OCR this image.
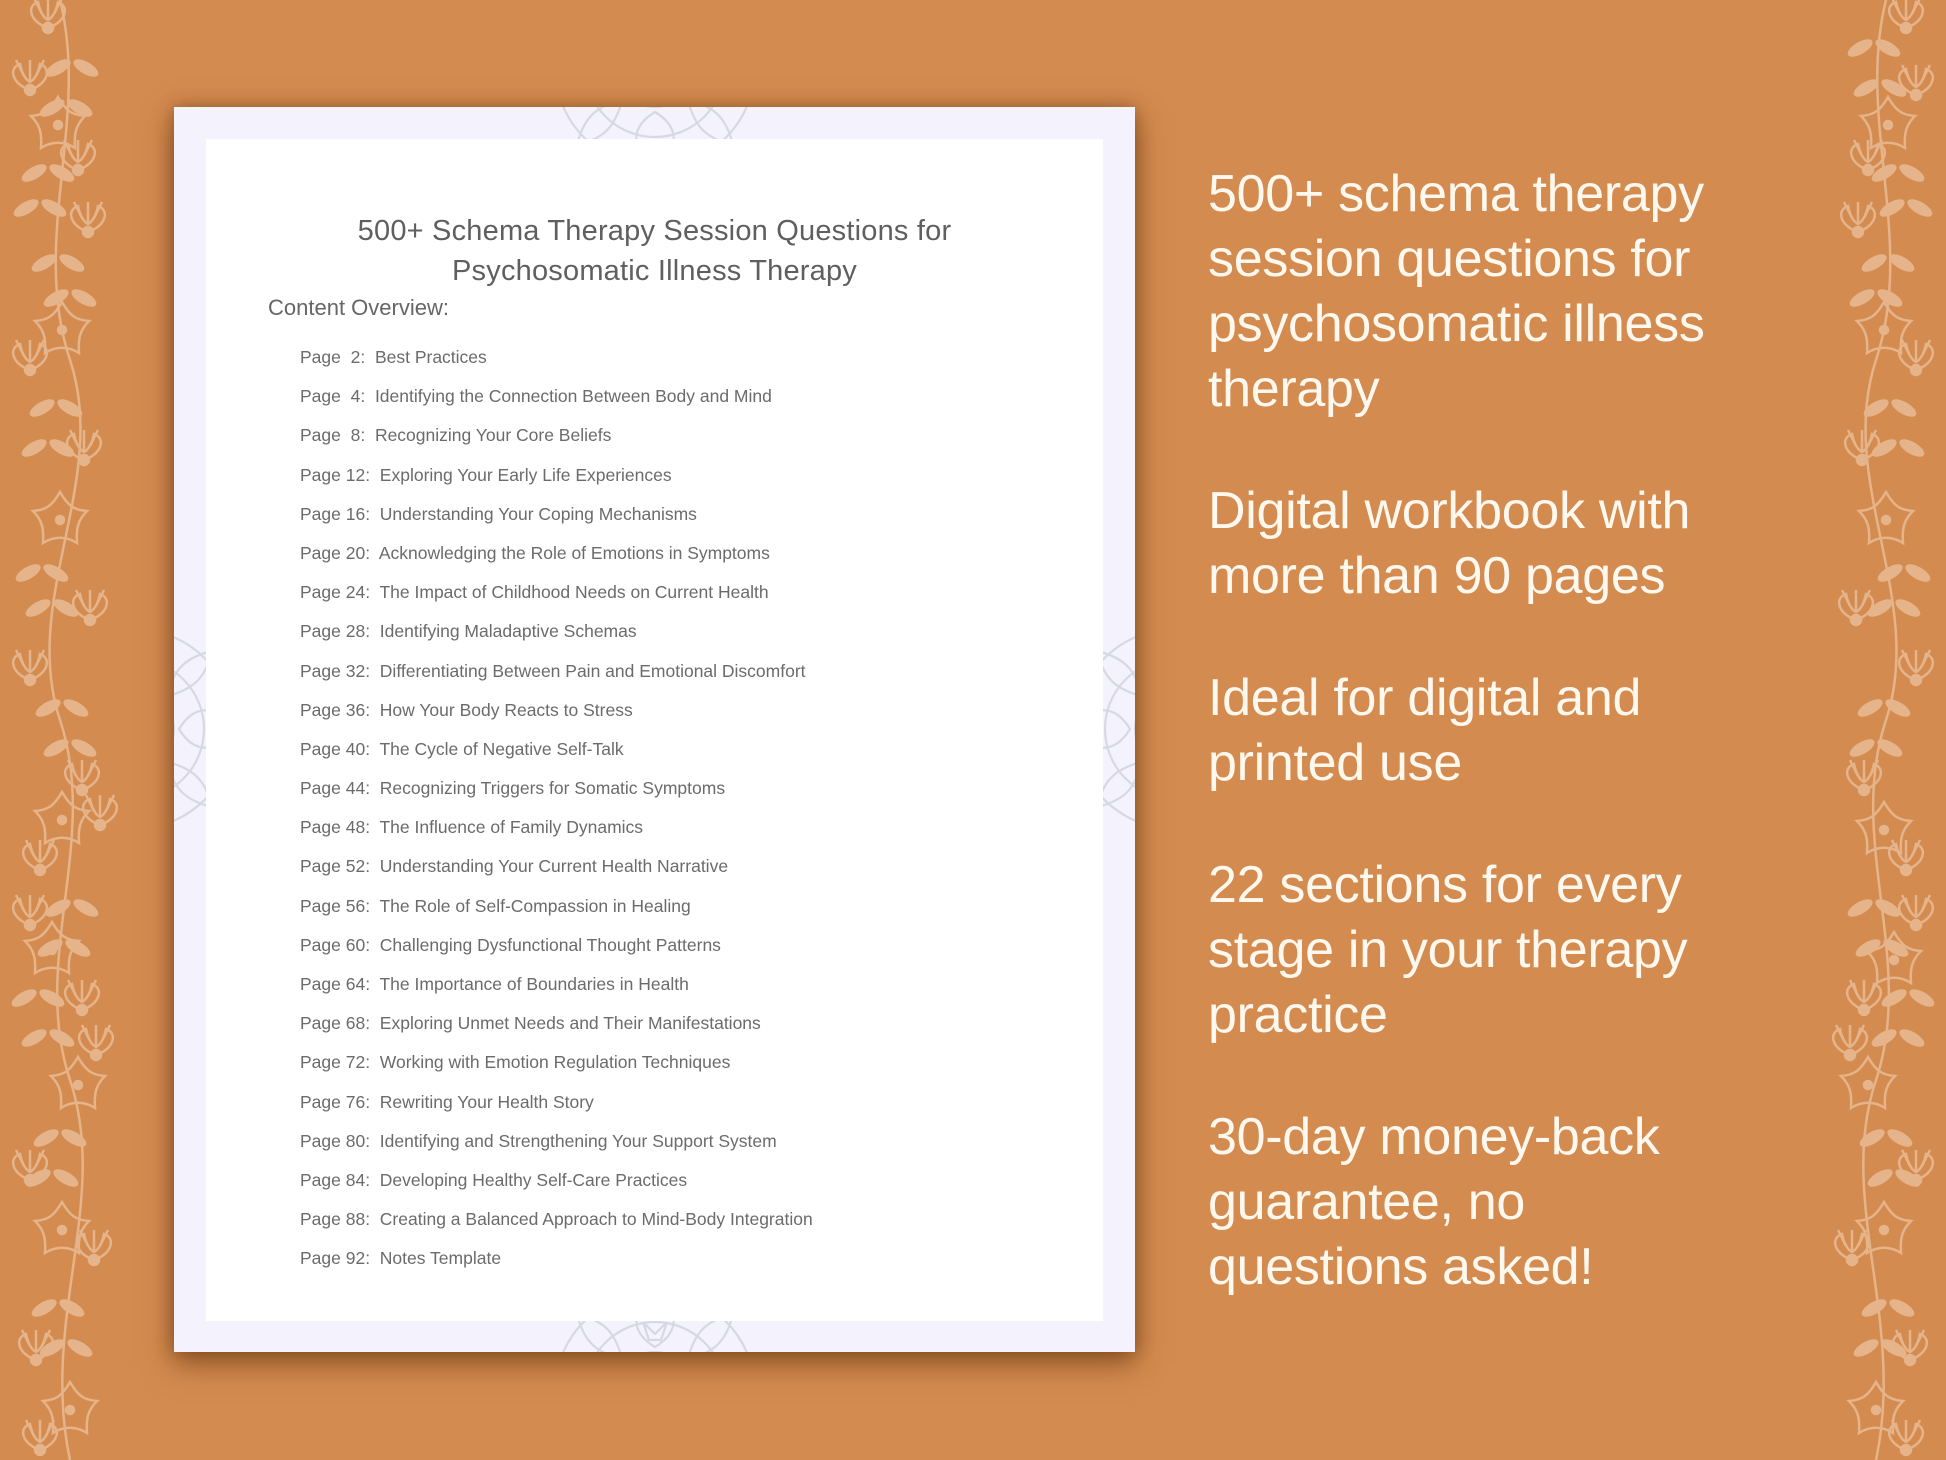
500+ Schema Therapy Session Questions for
Psychosomatic Illness Therapy
Content Overview:
Page  2: Best Practices
Page  4: Identifying the Connection Between Body and Mind
Page  8: Recognizing Your Core Beliefs
Page 12: Exploring Your Early Life Experiences
Page 16: Understanding Your Coping Mechanisms
Page 20: Acknowledging the Role of Emotions in Symptoms
Page 24: The Impact of Childhood Needs on Current Health
Page 28: Identifying Maladaptive Schemas
Page 32: Differentiating Between Pain and Emotional Discomfort
Page 36: How Your Body Reacts to Stress
Page 40: The Cycle of Negative Self-Talk
Page 44: Recognizing Triggers for Somatic Symptoms
Page 48: The Influence of Family Dynamics
Page 52: Understanding Your Current Health Narrative
Page 56: The Role of Self-Compassion in Healing
Page 60: Challenging Dysfunctional Thought Patterns
Page 64: The Importance of Boundaries in Health
Page 68: Exploring Unmet Needs and Their Manifestations
Page 72: Working with Emotion Regulation Techniques
Page 76: Rewriting Your Health Story
Page 80: Identifying and Strengthening Your Support System
Page 84: Developing Healthy Self-Care Practices
Page 88: Creating a Balanced Approach to Mind-Body Integration
Page 92: Notes Template

500+ schema therapy
session questions for
psychosomatic illness
therapy

Digital workbook with
more than 90 pages

Ideal for digital and
printed use

22 sections for every
stage in your therapy
practice

30-day money-back
guarantee, no
questions asked!
